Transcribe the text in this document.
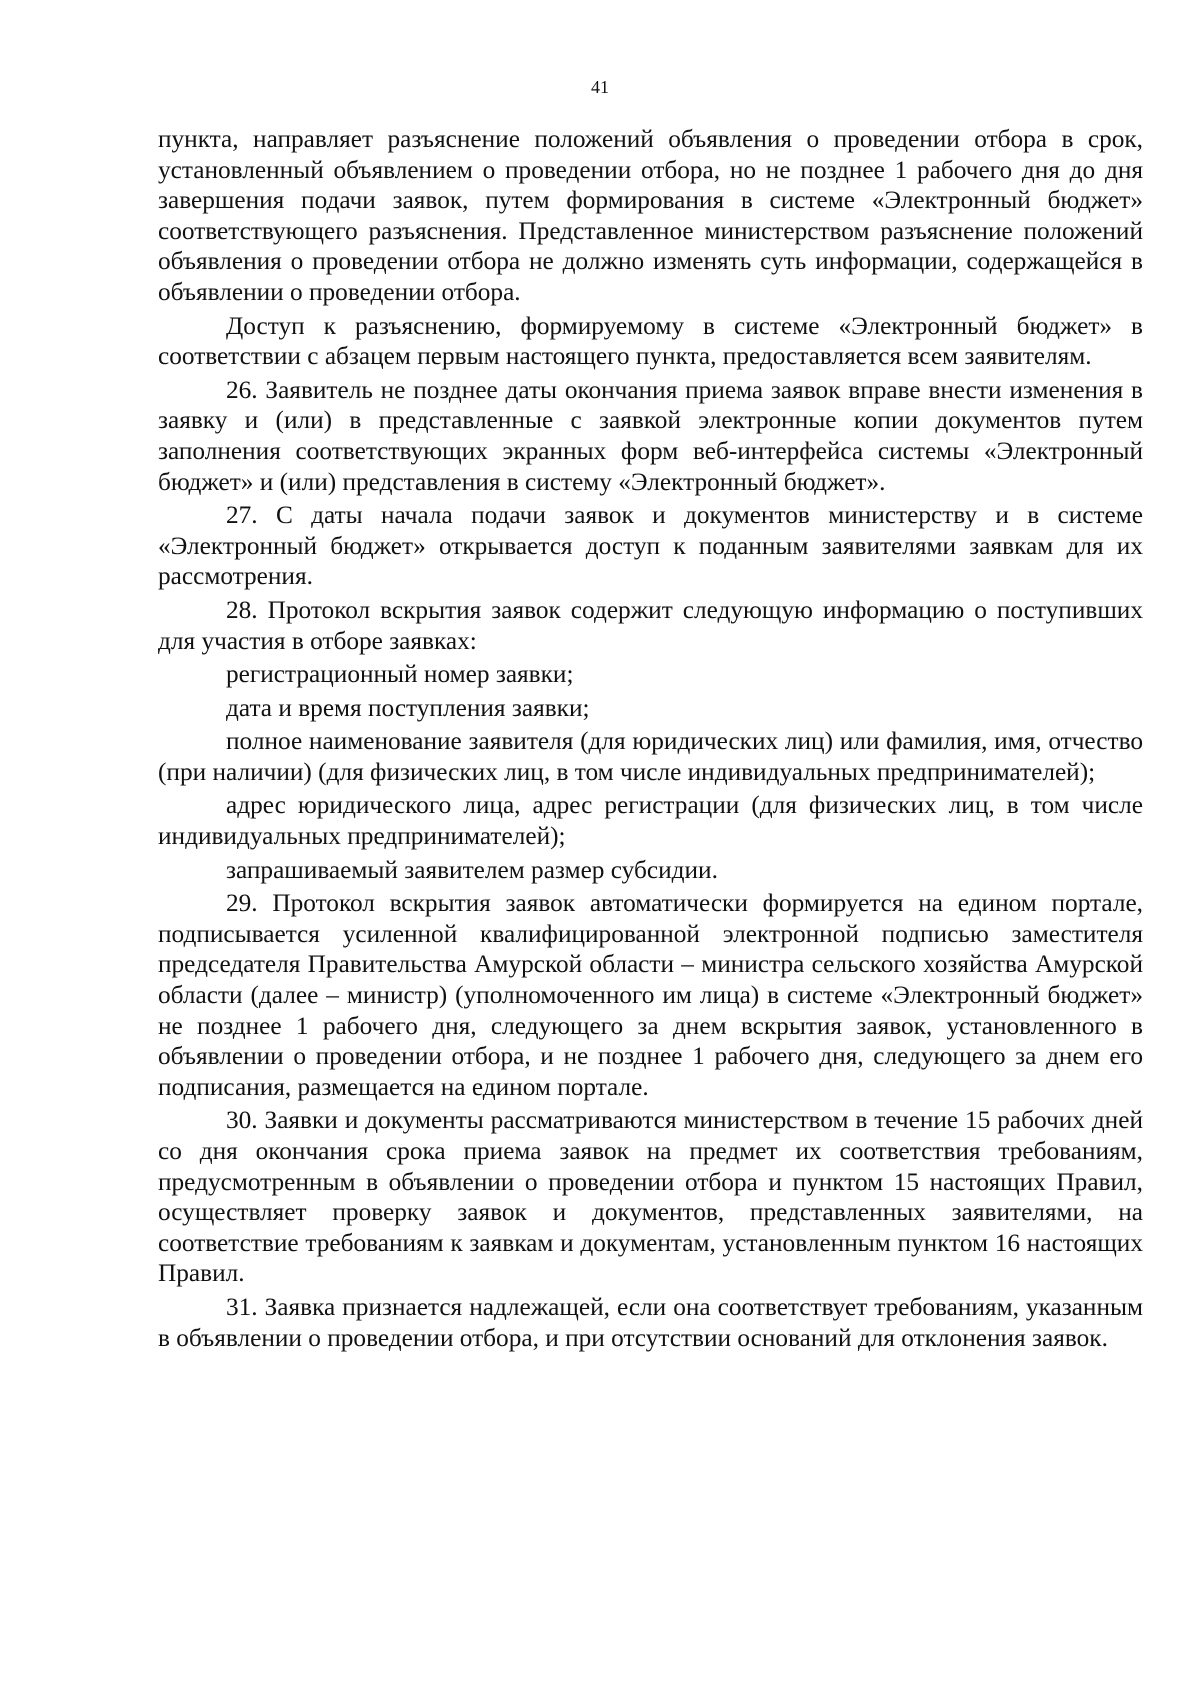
41

пункта, направляет разъяснение положений объявления о проведении отбора в срок, установленный объявлением о проведении отбора, но не позднее 1 рабочего дня до дня завершения подачи заявок, путем формирования в системе «Электронный бюджет» соответствующего разъяснения. Представленное министерством разъяснение положений объявления о проведении отбора не должно изменять суть информации, содержащейся в объявлении о проведении отбора.

Доступ к разъяснению, формируемому в системе «Электронный бюджет» в соответствии с абзацем первым настоящего пункта, предоставляется всем заявителям.

26. Заявитель не позднее даты окончания приема заявок вправе внести изменения в заявку и (или) в представленные с заявкой электронные копии документов путем заполнения соответствующих экранных форм веб-интерфейса системы «Электронный бюджет» и (или) представления в систему «Электронный бюджет».

27. С даты начала подачи заявок и документов министерству и в системе «Электронный бюджет» открывается доступ к поданным заявителями заявкам для их рассмотрения.

28. Протокол вскрытия заявок содержит следующую информацию о поступивших для участия в отборе заявках:

регистрационный номер заявки;

дата и время поступления заявки;

полное наименование заявителя (для юридических лиц) или фамилия, имя, отчество (при наличии) (для физических лиц, в том числе индивидуальных предпринимателей);

адрес юридического лица, адрес регистрации (для физических лиц, в том числе индивидуальных предпринимателей);

запрашиваемый заявителем размер субсидии.

29. Протокол вскрытия заявок автоматически формируется на едином портале, подписывается усиленной квалифицированной электронной подписью заместителя председателя Правительства Амурской области – министра сельского хозяйства Амурской области (далее – министр) (уполномоченного им лица) в системе «Электронный бюджет» не позднее 1 рабочего дня, следующего за днем вскрытия заявок, установленного в объявлении о проведении отбора, и не позднее 1 рабочего дня, следующего за днем его подписания, размещается на едином портале.

30. Заявки и документы рассматриваются министерством в течение 15 рабочих дней со дня окончания срока приема заявок на предмет их соответствия требованиям, предусмотренным в объявлении о проведении отбора и пунктом 15 настоящих Правил, осуществляет проверку заявок и документов, представленных заявителями, на соответствие требованиям к заявкам и документам, установленным пунктом 16 настоящих Правил.

31. Заявка признается надлежащей, если она соответствует требованиям, указанным в объявлении о проведении отбора, и при отсутствии оснований для отклонения заявок.
